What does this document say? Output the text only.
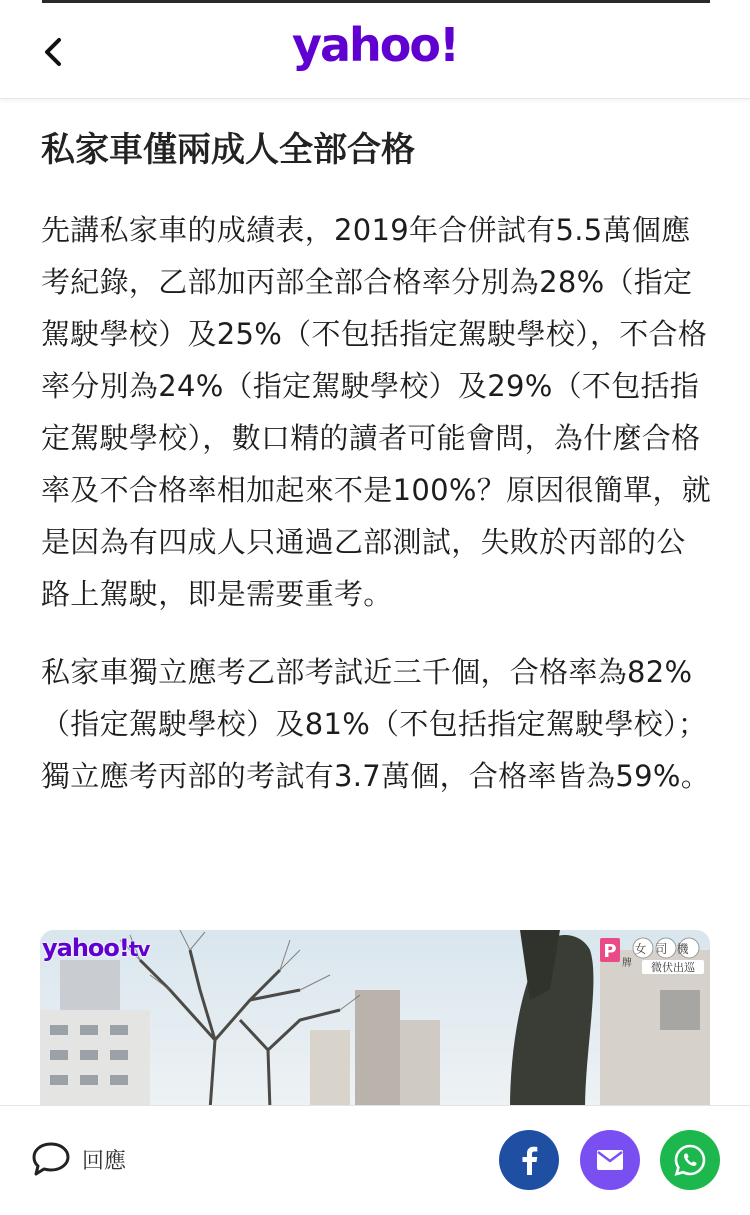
yahoo!
私家車僅兩成人全部合格

先講私家車的成績表，2019年合併試有5.5萬個應考紀錄，乙部加丙部全部合格率分別為28%（指定駕駛學校）及25%（不包括指定駕駛學校），不合格率分別為24%（指定駕駛學校）及29%（不包括指定駕駛學校），數口精的讀者可能會問，為什麼合格率及不合格率相加起來不是100%？原因很簡單，就是因為有四成人只通過乙部測試，失敗於丙部的公路上駕駛，即是需要重考。

私家車獨立應考乙部考試近三千個，合格率為82%（指定駕駛學校）及81%（不包括指定駕駛學校）；獨立應考丙部的考試有3.7萬個，合格率皆為59%。

yahoo!tv	P
牌
女司機
微伏出巡
回應
